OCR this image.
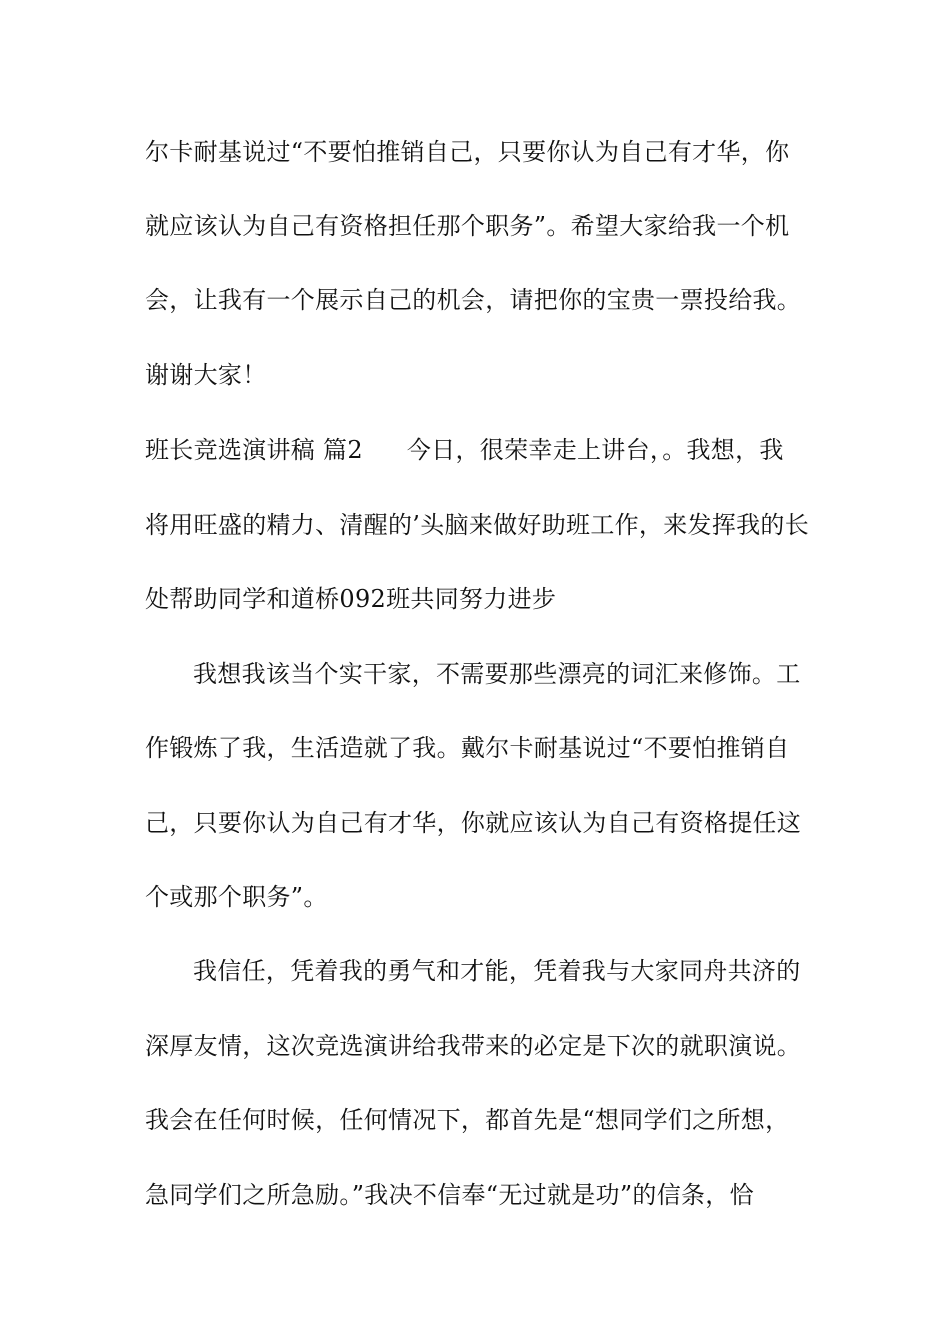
尔卡耐基说过“不要怕推销自己，只要你认为自己有才华，你
就应该认为自己有资格担任那个职务”。希望大家给我一个机
会，让我有一个展示自己的机会，请把你的宝贵一票投给我。
谢谢大家！
班长竞选演讲稿 篇2 今日，很荣幸走上讲台，。我想，我
将用旺盛的精力、清醒的’头脑来做好助班工作，来发挥我的长
处帮助同学和道桥092班共同努力进步
我想我该当个实干家，不需要那些漂亮的词汇来修饰。工
作锻炼了我，生活造就了我。戴尔卡耐基说过“不要怕推销自
己，只要你认为自己有才华，你就应该认为自己有资格提任这
个或那个职务”。
我信任，凭着我的勇气和才能，凭着我与大家同舟共济的
深厚友情，这次竞选演讲给我带来的必定是下次的就职演说。
我会在任何时候，任何情况下，都首先是“想同学们之所想，
急同学们之所急励。”我决不信奉“无过就是功”的信条，恰
